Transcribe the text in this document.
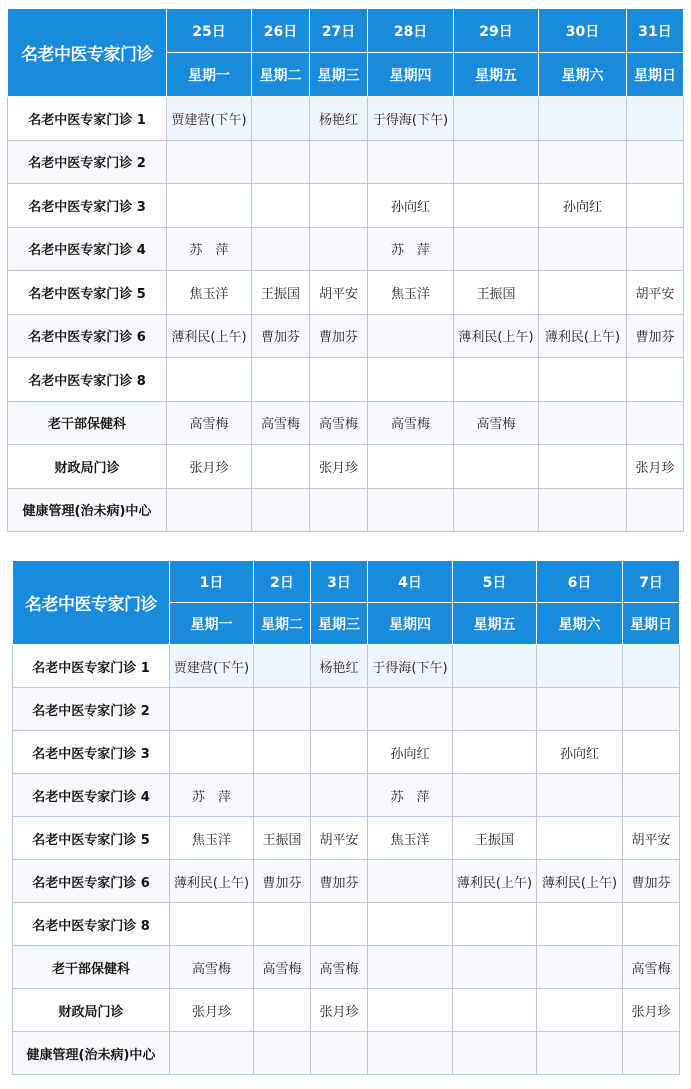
名老中医专家门诊	25日	26日	27日	28日	29日	30日	31日
	星期一	星期二	星期三	星期四	星期五	星期六	星期日
名老中医专家门诊 1	贾建营(下午)		杨艳红	于得海(下午)			
名老中医专家门诊 2							
名老中医专家门诊 3				孙向红		孙向红	
名老中医专家门诊 4	苏　萍			苏　萍			
名老中医专家门诊 5	焦玉洋	王振国	胡平安	焦玉洋	王振国		胡平安
名老中医专家门诊 6	薄利民(上午)	曹加芬	曹加芬		薄利民(上午)	薄利民(上午)	曹加芬
名老中医专家门诊 8							
老干部保健科	高雪梅	高雪梅	高雪梅	高雪梅	高雪梅		
财政局门诊	张月珍		张月珍				张月珍
健康管理(治未病)中心							
名老中医专家门诊	1日	2日	3日	4日	5日	6日	7日
	星期一	星期二	星期三	星期四	星期五	星期六	星期日
名老中医专家门诊 1	贾建营(下午)		杨艳红	于得海(下午)			
名老中医专家门诊 2							
名老中医专家门诊 3				孙向红		孙向红	
名老中医专家门诊 4	苏　萍			苏　萍			
名老中医专家门诊 5	焦玉洋	王振国	胡平安	焦玉洋	王振国		胡平安
名老中医专家门诊 6	薄利民(上午)	曹加芬	曹加芬		薄利民(上午)	薄利民(上午)	曹加芬
名老中医专家门诊 8							
老干部保健科	高雪梅	高雪梅	高雪梅				高雪梅
财政局门诊	张月珍		张月珍				张月珍
健康管理(治未病)中心							
